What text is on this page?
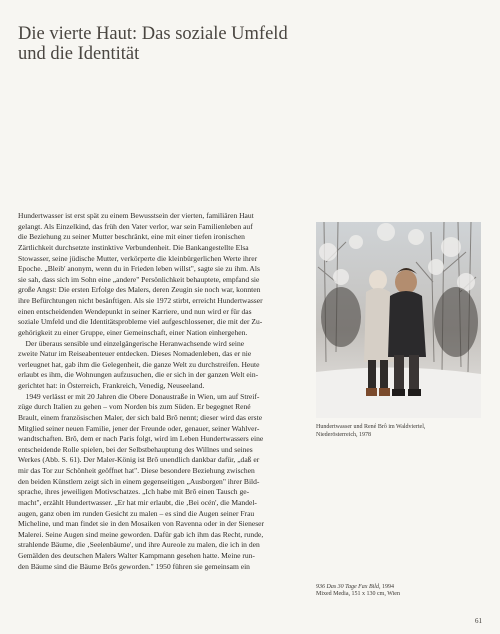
Die vierte Haut: Das soziale Umfeld
und die Identität
Hundertwasser ist erst spät zu einem Bewusstsein der vierten, familiären Haut
gelangt. Als Einzelkind, das früh den Vater verlor, war sein Familienleben auf
die Beziehung zu seiner Mutter beschränkt, eine mit einer tiefen ironischen
Zärtlichkeit durchsetzte instinktive Verbundenheit. Die Bankangestellte Elsa
Stowasser, seine jüdische Mutter, verkörperte die kleinbürgerlichen Werte ihrer
Epoche. „Bleib' anonym, wenn du in Frieden leben willst", sagte sie zu ihm. Als
sie sah, dass sich im Sohn eine „andere" Persönlichkeit behauptete, empfand sie
große Angst: Die ersten Erfolge des Malers, deren Zeugin sie noch war, konnten
ihre Befürchtungen nicht besänftigen. Als sie 1972 stirbt, erreicht Hundertwasser
einen entscheidenden Wendepunkt in seiner Karriere, und nun wird er für das
soziale Umfeld und die Identitätsprobleme viel aufgeschlossener, die mit der Zu-
gehörigkeit zu einer Gruppe, einer Gemeinschaft, einer Nation einhergehen.
Der überaus sensible und einzelgängerische Heranwachsende wird seine
zweite Natur im Reiseabenteuer entdecken. Dieses Nomadenleben, das er nie
verleugnet hat, gab ihm die Gelegenheit, die ganze Welt zu durchstreifen. Heute
erlaubt es ihm, die Wohnungen aufzusuchen, die er sich in der ganzen Welt ein-
gerichtet hat: in Österreich, Frankreich, Venedig, Neuseeland.
1949 verlässt er mit 20 Jahren die Obere Donaustraße in Wien, um auf Streif-
züge durch Italien zu gehen – vom Norden bis zum Süden. Er begegnet René
Brault, einem französischen Maler, der sich bald Brô nennt; dieser wird das erste
Mitglied seiner neuen Familie, jener der Freunde oder, genauer, seiner Wahlver-
wandtschaften. Brô, dem er nach Paris folgt, wird im Leben Hundertwassers eine
entscheidende Rolle spielen, bei der Selbstbehauptung des Willnes und seines
Werkes (Abb. S. 61). Der Maler-König ist Brô unendlich dankbar dafür, „daß er
mir das Tor zur Schönheit geöffnet hat". Diese besondere Beziehung zwischen
den beiden Künstlern zeigt sich in einem gegenseitigen „Ausborgen" ihrer Bild-
sprache, ihres jeweiligen Motivschatzes. „Ich habe mit Brô einen Tausch ge-
macht", erzählt Hundertwasser. „Er hat mir erlaubt, die ‚Bei océn', die Mandel-
augen, ganz oben im runden Gesicht zu malen – es sind die Augen seiner Frau
Micheline, und man findet sie in den Mosaiken von Ravenna oder in der Sieneser
Malerei. Seine Augen sind meine geworden. Dafür gab ich ihm das Recht, runde,
strahlende Bäume, die ‚Seelenbäume', und ihre Aureole zu malen, die ich in den
Gemälden des deutschen Malers Walter Kampmann gesehen hatte. Meine run-
den Bäume sind die Bäume Brôs geworden." 1950 führen sie gemeinsam ein
Hundertwasser und René Brô im Waldviertel,
Niederösterreich, 1978
936 Das 30 Tage Fax Bild, 1994
Mixed Media, 151 x 130 cm, Wien
61
